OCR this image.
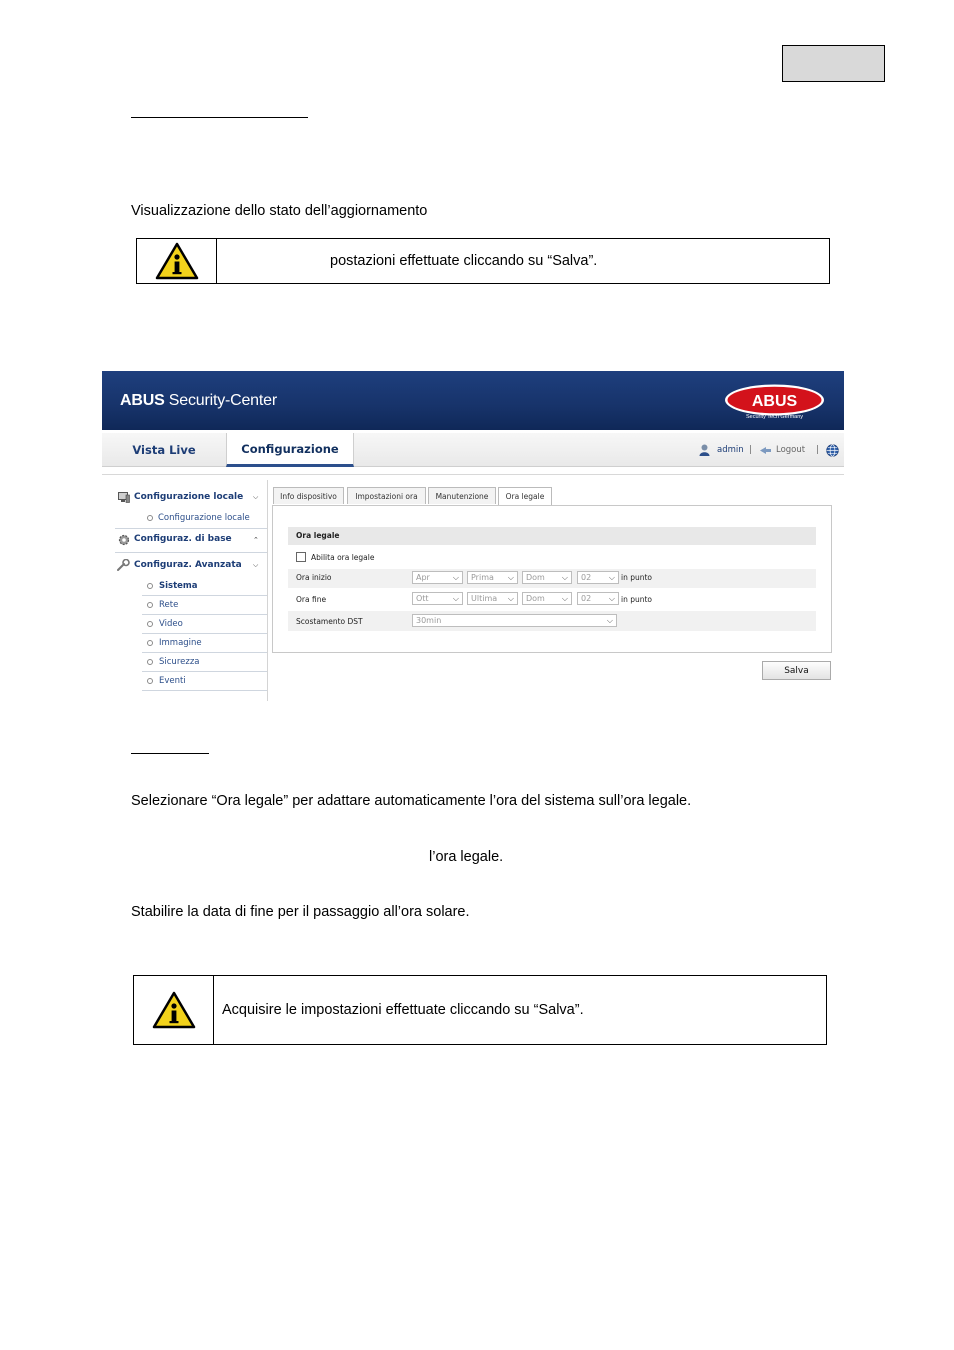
Visualizzazione dello stato dell’aggiornamento
postazioni effettuate cliccando su “Salva”.
ABUS Security-Center	ABUS
Security Tech Germany
Vista Live	Configurazione	admin |	Logout |
Configurazione locale ⌵
Configurazione locale
Configuraz. di base	⌃
Configuraz. Avanzata ⌵
Sistema
Rete
Video
Immagine
Sicurezza
Eventi
Info dispositivo	Impostazioni ora	Manutenzione	Ora legale
Ora legale
Abilita ora legale
Ora inizio	Apr	⌵	Prima ⌵	Dom ⌵	02 ⌵ in punto
Ora fine	Ott	⌵	Ultima ⌵	Dom ⌵	02 ⌵ in punto
Scostamento DST	30min	⌵
Salva
Selezionare “Ora legale” per adattare automaticamente l’ora del sistema sull’ora legale.
l’ora legale.
Stabilire la data di fine per il passaggio all’ora solare.
Acquisire le impostazioni effettuate cliccando su “Salva”.
